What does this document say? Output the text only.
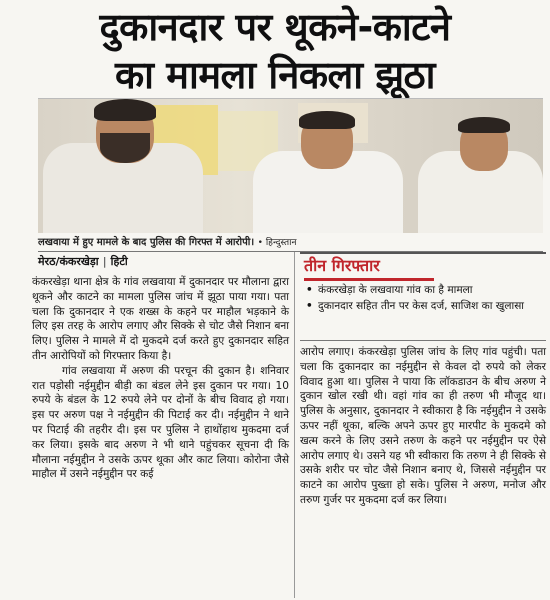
दुकानदार पर थूकने-काटने
का मामला निकला झूठा
लखवाया में हुए मामले के बाद पुलिस की गिरफ्त में आरोपी। • हिन्दुस्तान
मेरठ/कंकरखेड़ा | हिटी	तीन गिरफ्तार
• कंकरखेड़ा के लखवाया गांव का है मामला
• दुकानदार सहित तीन पर केस दर्ज, साजिश का खुलासा

कंकरखेड़ा थाना क्षेत्र के गांव लखवाया में दुकानदार पर मौलाना द्वारा थूकने और काटने का मामला पुलिस जांच में झूठा पाया गया। पता चला कि दुकानदार ने एक शख्स के कहने पर माहौल भड़काने के लिए इस तरह के आरोप लगाए और सिक्के से चोट जैसे निशान बना लिए। पुलिस ने मामले में दो मुकदमे दर्ज करते हुए दुकानदार सहित तीन आरोपियों को गिरफ्तार किया है।

गांव लखवाया में अरुण की परचून की दुकान है। शनिवार रात पड़ोसी नईमुद्दीन बीड़ी का बंडल लेने इस दुकान पर गया। 10 रुपये के बंडल के 12 रुपये लेने पर दोनों के बीच विवाद हो गया। इस पर अरुण पक्ष ने नईमुद्दीन की पिटाई कर दी। नईमुद्दीन ने थाने पर पिटाई की तहरीर दी। इस पर पुलिस ने हाथोंहाथ मुकदमा दर्ज कर लिया। इसके बाद अरुण ने भी थाने पहुंचकर सूचना दी कि मौलाना नईमुद्दीन ने उसके ऊपर थूका और काट लिया। कोरोना जैसे माहौल में उसने नईमुद्दीन पर कई

आरोप लगाए। कंकरखेड़ा पुलिस जांच के लिए गांव पहुंची। पता चला कि दुकानदार का नईमुद्दीन से केवल दो रुपये को लेकर विवाद हुआ था। पुलिस ने पाया कि लॉकडाउन के बीच अरुण ने दुकान खोल रखी थी। वहां गांव का ही तरुण भी मौजूद था। पुलिस के अनुसार, दुकानदार ने स्वीकारा है कि नईमुद्दीन ने उसके ऊपर नहीं थूका, बल्कि अपने ऊपर हुए मारपीट के मुकदमे को खत्म करने के लिए उसने तरुण के कहने पर नईमुद्दीन पर ऐसे आरोप लगाए थे। उसने यह भी स्वीकारा कि तरुण ने ही सिक्के से उसके शरीर पर चोट जैसे निशान बनाए थे, जिससे नईमुद्दीन पर काटने का आरोप पुख्ता हो सके। पुलिस ने अरुण, मनोज और तरुण गुर्जर पर मुकदमा दर्ज कर लिया।
